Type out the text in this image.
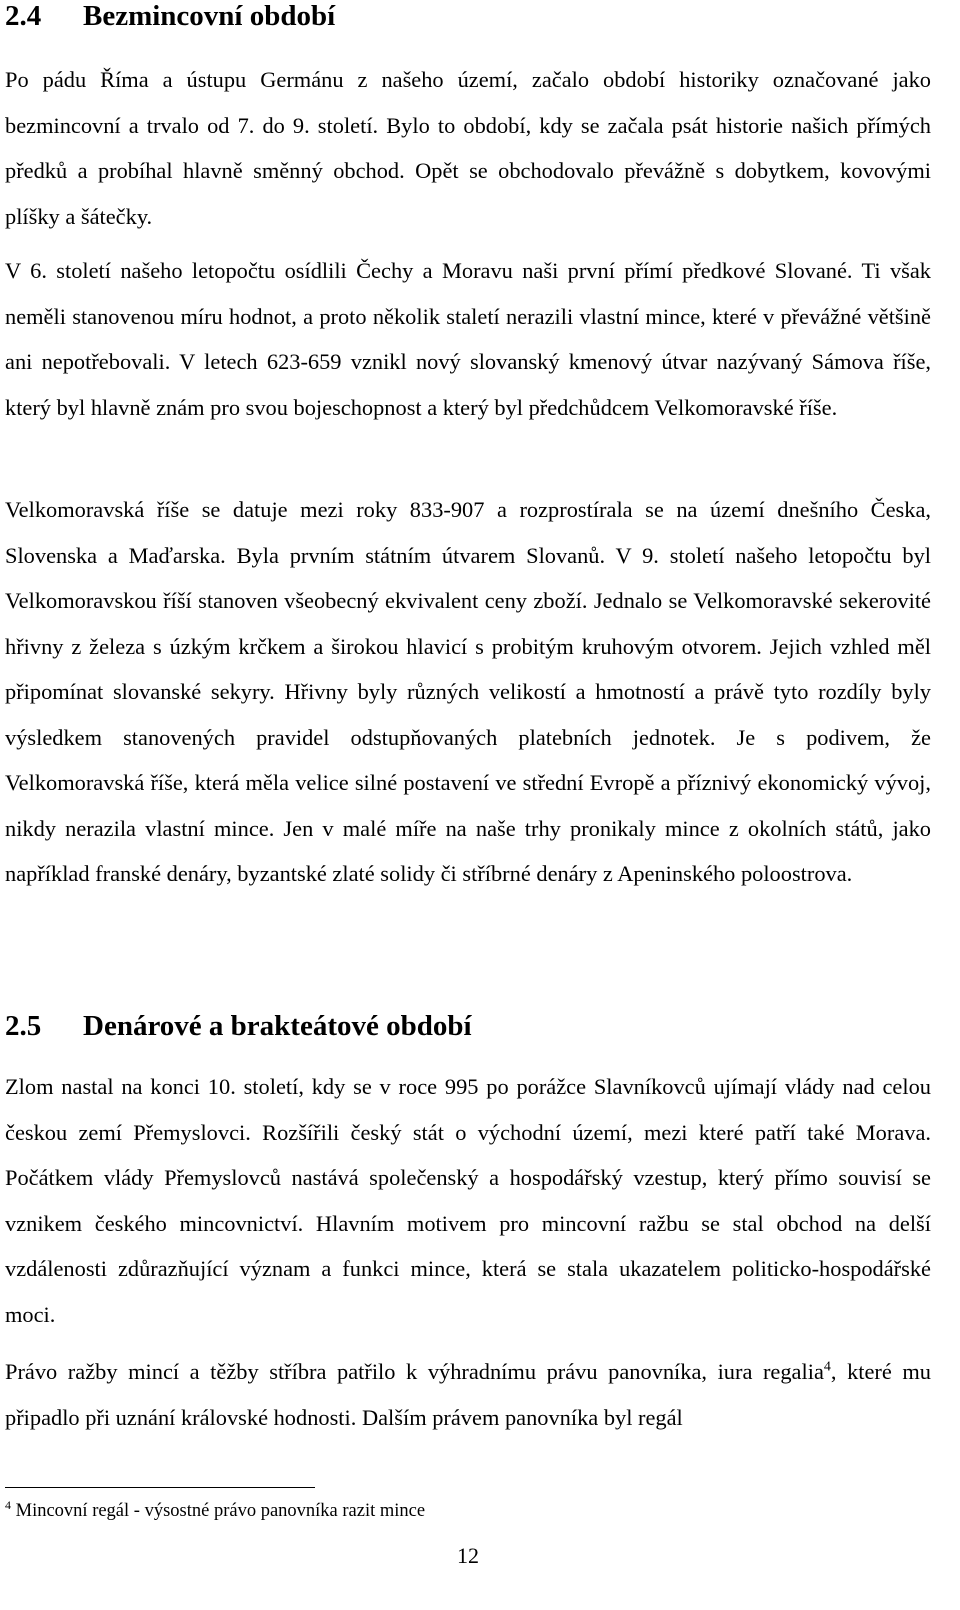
2.4 Bezmincovní období

Po pádu Říma a ústupu Germánu z našeho území, začalo období historiky označované jako bezmincovní a trvalo od 7. do 9. století. Bylo to období, kdy se začala psát historie našich přímých předků a probíhal hlavně směnný obchod. Opět se obchodovalo převážně s dobytkem, kovovými plíšky a šátečky.

V 6. století našeho letopočtu osídlili Čechy a Moravu naši první přímí předkové Slované. Ti však neměli stanovenou míru hodnot, a proto několik staletí nerazili vlastní mince, které v převážné většině ani nepotřebovali. V letech 623-659 vznikl nový slovanský kmenový útvar nazývaný Sámova říše, který byl hlavně znám pro svou bojeschopnost a který byl předchůdcem Velkomoravské říše.

Velkomoravská říše se datuje mezi roky 833-907 a rozprostírala se na území dnešního Česka, Slovenska a Maďarska. Byla prvním státním útvarem Slovanů. V 9. století našeho letopočtu byl Velkomoravskou říší stanoven všeobecný ekvivalent ceny zboží. Jednalo se Velkomoravské sekerovité hřivny z železa s úzkým krčkem a širokou hlavicí s probitým kruhovým otvorem. Jejich vzhled měl připomínat slovanské sekyry. Hřivny byly různých velikostí a hmotností a právě tyto rozdíly byly výsledkem stanovených pravidel odstupňovaných platebních jednotek. Je s podivem, že Velkomoravská říše, která měla velice silné postavení ve střední Evropě a příznivý ekonomický vývoj, nikdy nerazila vlastní mince. Jen v malé míře na naše trhy pronikaly mince z okolních států, jako například franské denáry, byzantské zlaté solidy či stříbrné denáry z Apeninského poloostrova.

2.5 Denárové a brakteátové období

Zlom nastal na konci 10. století, kdy se v roce 995 po porážce Slavníkovců ujímají vlády nad celou českou zemí Přemyslovci. Rozšířili český stát o východní území, mezi které patří také Morava. Počátkem vlády Přemyslovců nastává společenský a hospodářský vzestup, který přímo souvisí se vznikem českého mincovnictví. Hlavním motivem pro mincovní ražbu se stal obchod na delší vzdálenosti zdůrazňující význam a funkci mince, která se stala ukazatelem politicko-hospodářské moci.

Právo ražby mincí a těžby stříbra patřilo k výhradnímu právu panovníka, iura regalia$^4$, které mu připadlo při uznání královské hodnosti. Dalším právem panovníka byl regál

$^4$ Mincovní regál - výsostné právo panovníka razit mince

12
